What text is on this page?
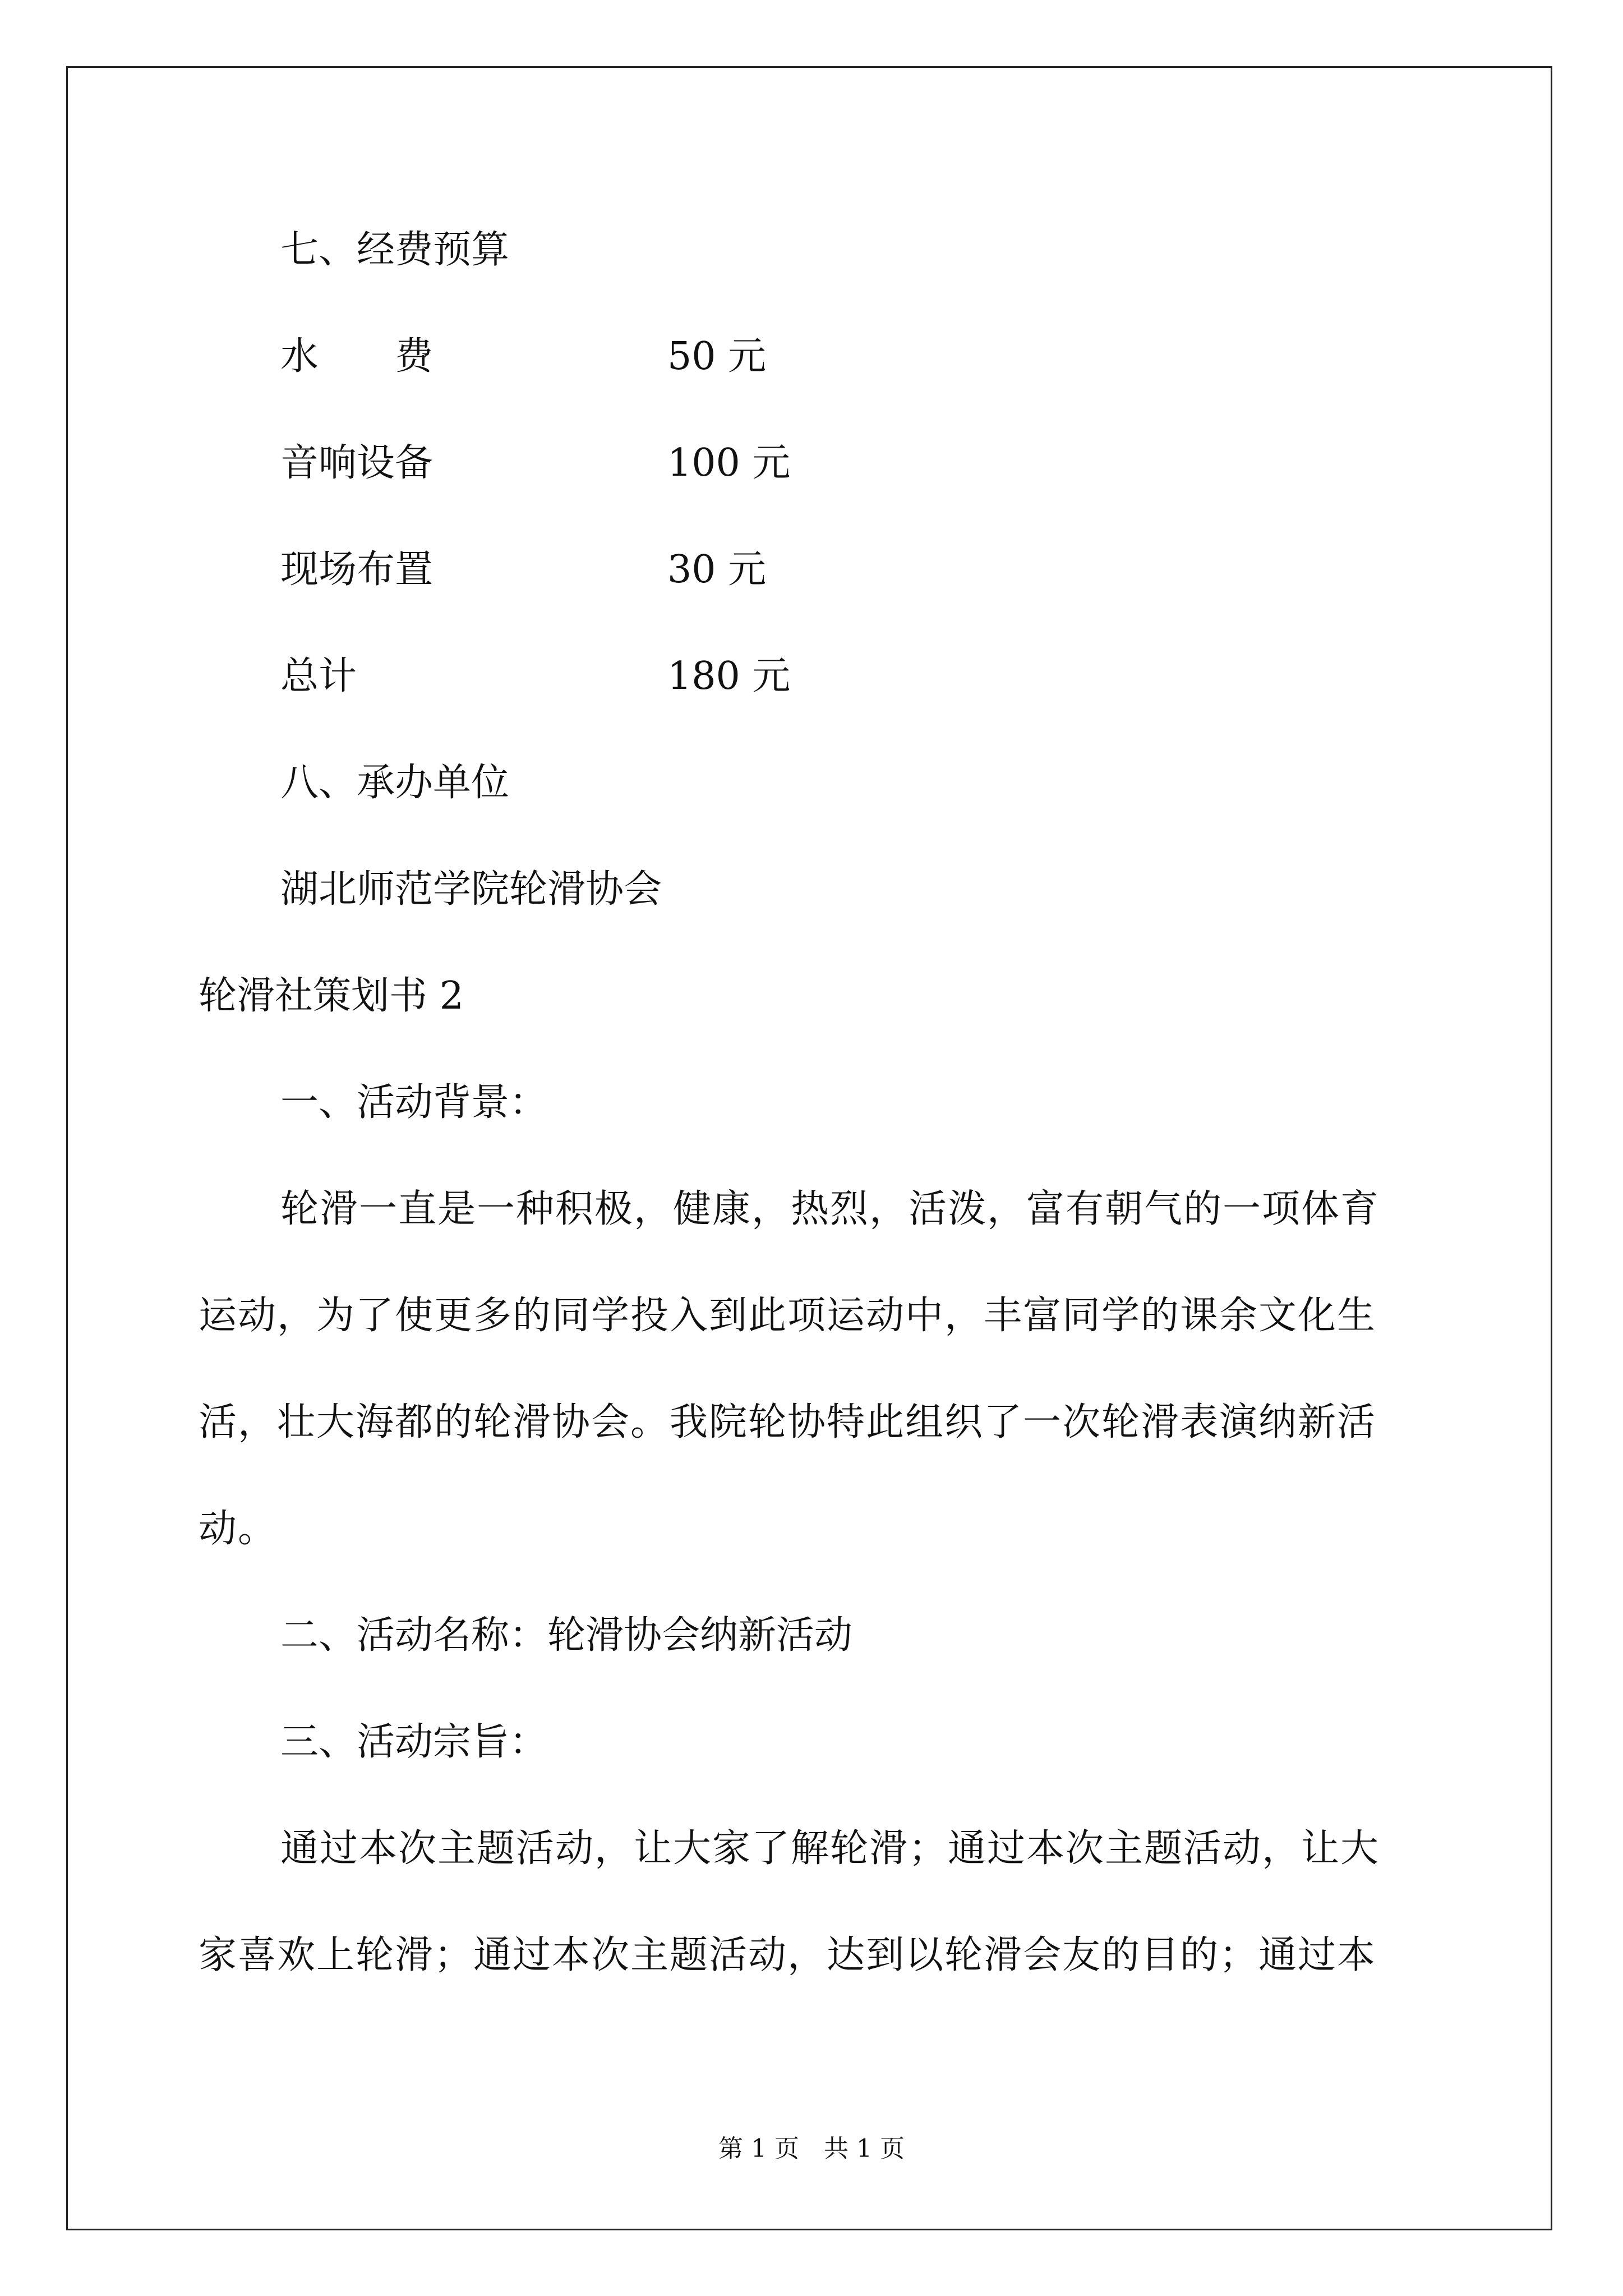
七、经费预算
水　　费	50 元
音响设备	100 元
现场布置	30 元
总计	180 元
八、承办单位
湖北师范学院轮滑协会
轮滑社策划书 2
一、活动背景：
轮滑一直是一种积极，健康，热烈，活泼，富有朝气的一项体育
运动，为了使更多的同学投入到此项运动中，丰富同学的课余文化生
活，壮大海都的轮滑协会。我院轮协特此组织了一次轮滑表演纳新活
动。
二、活动名称：轮滑协会纳新活动
三、活动宗旨：
通过本次主题活动，让大家了解轮滑；通过本次主题活动，让大
家喜欢上轮滑；通过本次主题活动，达到以轮滑会友的目的；通过本
第 1 页　共 1 页
